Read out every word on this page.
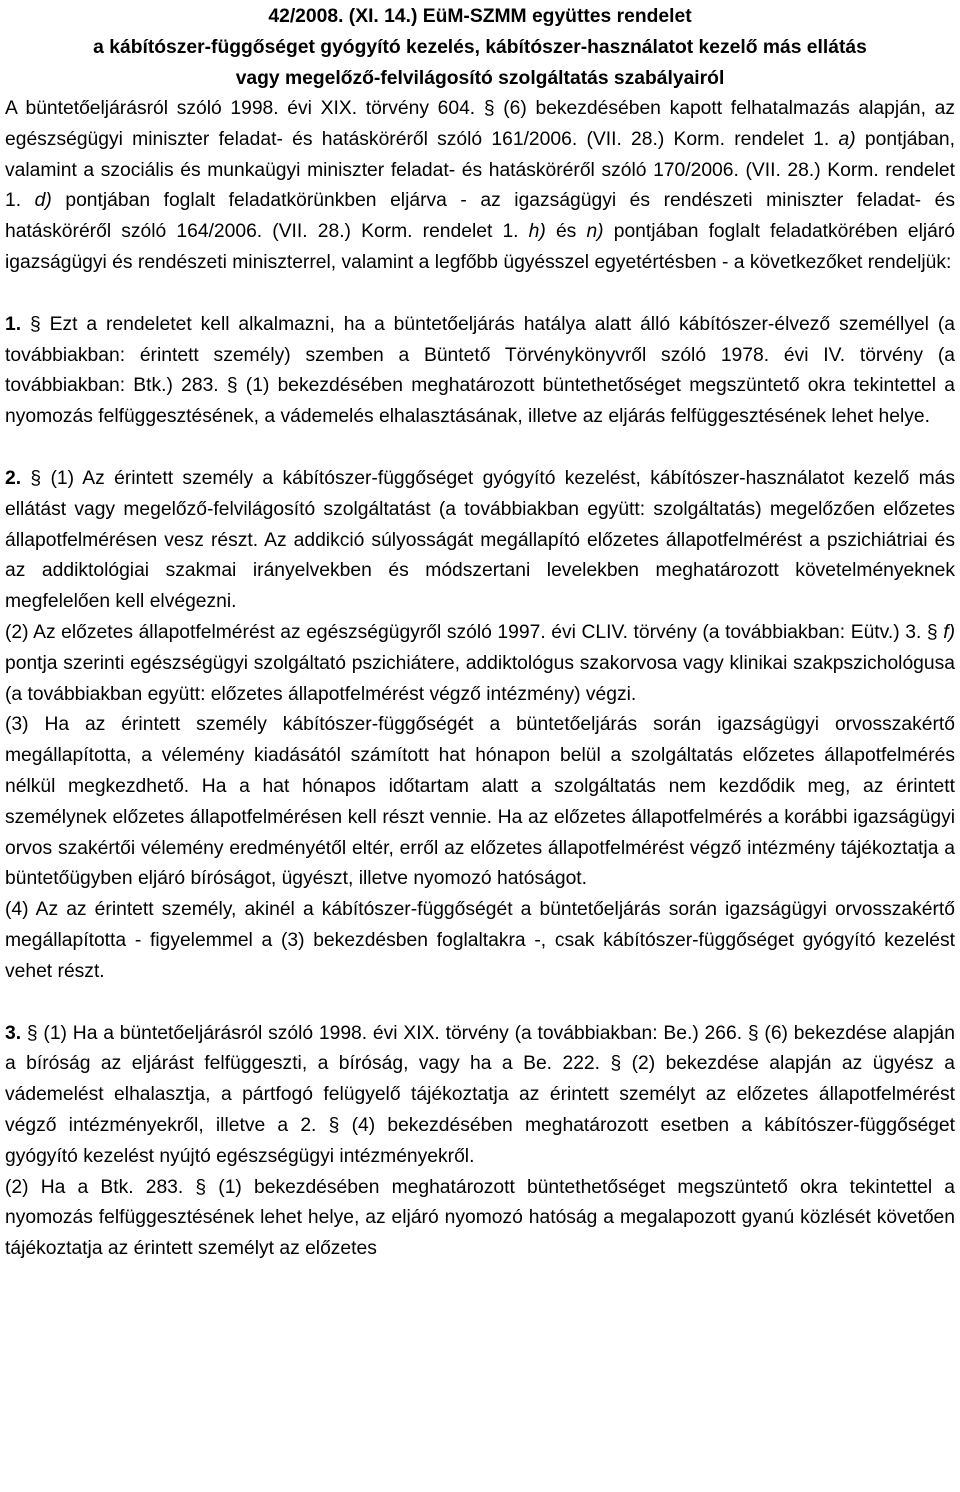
42/2008. (XI. 14.) EüM-SZMM együttes rendelet
a kábítószer-függőséget gyógyító kezelés, kábítószer-használatot kezelő más ellátás
vagy megelőző-felvilágosító szolgáltatás szabályairól

A büntetőeljárásról szóló 1998. évi XIX. törvény 604. § (6) bekezdésében kapott felhatalmazás alapján, az egészségügyi miniszter feladat- és hatásköréről szóló 161/2006. (VII. 28.) Korm. rendelet 1. a) pontjában, valamint a szociális és munkaügyi miniszter feladat- és hatásköréről szóló 170/2006. (VII. 28.) Korm. rendelet 1. d) pontjában foglalt feladatkörünkben eljárva - az igazságügyi és rendészeti miniszter feladat- és hatásköréről szóló 164/2006. (VII. 28.) Korm. rendelet 1. h) és n) pontjában foglalt feladatkörében eljáró igazságügyi és rendészeti miniszterrel, valamint a legfőbb ügyésszel egyetértésben - a következőket rendeljük:

1. § Ezt a rendeletet kell alkalmazni, ha a büntetőeljárás hatálya alatt álló kábítószer-élvező személlyel (a továbbiakban: érintett személy) szemben a Büntető Törvénykönyvről szóló 1978. évi IV. törvény (a továbbiakban: Btk.) 283. § (1) bekezdésében meghatározott büntethetőséget megszüntető okra tekintettel a nyomozás felfüggesztésének, a vádemelés elhalasztásának, illetve az eljárás felfüggesztésének lehet helye.

2. § (1) Az érintett személy a kábítószer-függőséget gyógyító kezelést, kábítószer-használatot kezelő más ellátást vagy megelőző-felvilágosító szolgáltatást (a továbbiakban együtt: szolgáltatás) megelőzően előzetes állapotfelmérésen vesz részt. Az addikció súlyosságát megállapító előzetes állapotfelmérést a pszichiátriai és az addiktológiai szakmai irányelvekben és módszertani levelekben meghatározott követelményeknek megfelelően kell elvégezni.

(2) Az előzetes állapotfelmérést az egészségügyről szóló 1997. évi CLIV. törvény (a továbbiakban: Eütv.) 3. § f) pontja szerinti egészségügyi szolgáltató pszichiátere, addiktológus szakorvosa vagy klinikai szakpszichológusa (a továbbiakban együtt: előzetes állapotfelmérést végző intézmény) végzi.

(3) Ha az érintett személy kábítószer-függőségét a büntetőeljárás során igazságügyi orvosszakértő megállapította, a vélemény kiadásától számított hat hónapon belül a szolgáltatás előzetes állapotfelmérés nélkül megkezdhető. Ha a hat hónapos időtartam alatt a szolgáltatás nem kezdődik meg, az érintett személynek előzetes állapotfelmérésen kell részt vennie. Ha az előzetes állapotfelmérés a korábbi igazságügyi orvos szakértői vélemény eredményétől eltér, erről az előzetes állapotfelmérést végző intézmény tájékoztatja a büntetőügyben eljáró bíróságot, ügyészt, illetve nyomozó hatóságot.

(4) Az az érintett személy, akinél a kábítószer-függőségét a büntetőeljárás során igazságügyi orvosszakértő megállapította - figyelemmel a (3) bekezdésben foglaltakra -, csak kábítószer-függőséget gyógyító kezelést vehet részt.

3. § (1) Ha a büntetőeljárásról szóló 1998. évi XIX. törvény (a továbbiakban: Be.) 266. § (6) bekezdése alapján a bíróság az eljárást felfüggeszti, a bíróság, vagy ha a Be. 222. § (2) bekezdése alapján az ügyész a vádemelést elhalasztja, a pártfogó felügyelő tájékoztatja az érintett személyt az előzetes állapotfelmérést végző intézményekről, illetve a 2. § (4) bekezdésében meghatározott esetben a kábítószer-függőséget gyógyító kezelést nyújtó egészségügyi intézményekről.

(2) Ha a Btk. 283. § (1) bekezdésében meghatározott büntethetőséget megszüntető okra tekintettel a nyomozás felfüggesztésének lehet helye, az eljáró nyomozó hatóság a megalapozott gyanú közlését követően tájékoztatja az érintett személyt az előzetes
